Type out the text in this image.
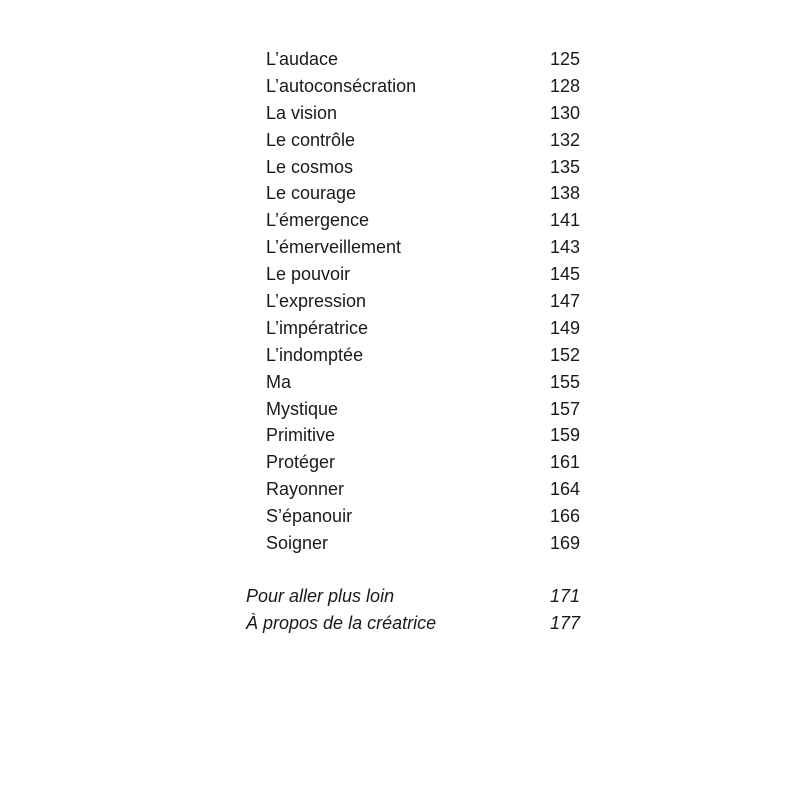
L’audace	125
L’autoconsécration	128
La vision	130
Le contrôle	132
Le cosmos	135
Le courage	138
L’émergence	141
L’émerveillement	143
Le pouvoir	145
L’expression	147
L’impératrice	149
L’indomptée	152
Ma	155
Mystique	157
Primitive	159
Protéger	161
Rayonner	164
S’épanouir	166
Soigner	169
Pour aller plus loin	171
À propos de la créatrice	177
